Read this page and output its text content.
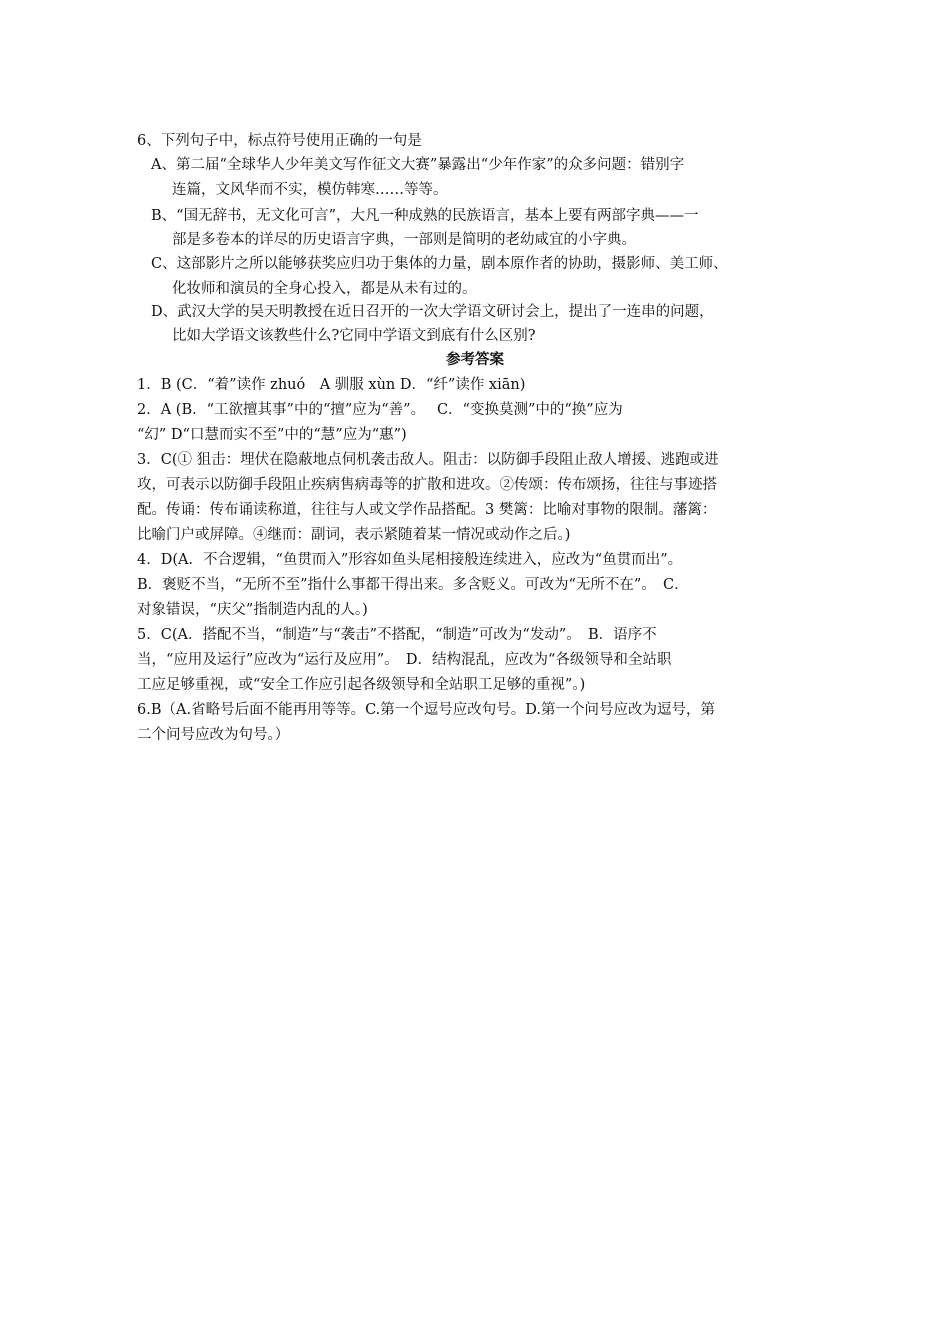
6、下列句子中，标点符号使用正确的一句是
A、第二届“全球华人少年美文写作征文大赛”暴露出“少年作家”的众多问题：错别字
连篇，文风华而不实，模仿韩寒……等等。
B、“国无辞书，无文化可言”，大凡一种成熟的民族语言，基本上要有两部字典——一
部是多卷本的详尽的历史语言字典，一部则是简明的老幼咸宜的小字典。
C、这部影片之所以能够获奖应归功于集体的力量，剧本原作者的协助，摄影师、美工师、
化妆师和演员的全身心投入，都是从未有过的。
D、武汉大学的吴天明教授在近日召开的一次大学语文研讨会上，提出了一连串的问题，
比如大学语文该教些什么?它同中学语文到底有什么区别?
参考答案
1．B (C．“着”读作 zhuó　A 驯服 xùn D．“纤”读作 xiān)
2．A (B．“工欲擅其事”中的“擅”应为“善”。　 C．“变换莫测”中的“换”应为
“幻” D“口慧而实不至”中的“慧”应为“惠”)
3．C(① 狙击：埋伏在隐蔽地点伺机袭击敌人。阻击：以防御手段阻止敌人增援、逃跑或进
攻，可表示以防御手段阻止疾病售病毒等的扩散和进攻。②传颂：传布颂扬，往往与事迹搭
配。传诵：传布诵读称道，往往与人或文学作品搭配。3 樊篱：比喻对事物的限制。藩篱：
比喻门户或屏障。④继而：副词，表示紧随着某一情况或动作之后。)
4．D(A．不合逻辑，“鱼贯而入”形容如鱼头尾相接般连续进入，应改为“鱼贯而出”。
B．褒贬不当，“无所不至”指什么事都干得出来。多含贬义。可改为“无所不在”。　C．
对象错误，“庆父”指制造内乱的人。)
5．C(A．搭配不当，“制造”与“袭击”不搭配，“制造”可改为“发动”。　B．语序不
当，“应用及运行”应改为“运行及应用”。　D．结构混乱，应改为“各级领导和全站职
工应足够重视，或“安全工作应引起各级领导和全站职工足够的重视”。)
6.B（A.省略号后面不能再用等等。C.第一个逗号应改句号。D.第一个问号应改为逗号，第
二个问号应改为句号。）
